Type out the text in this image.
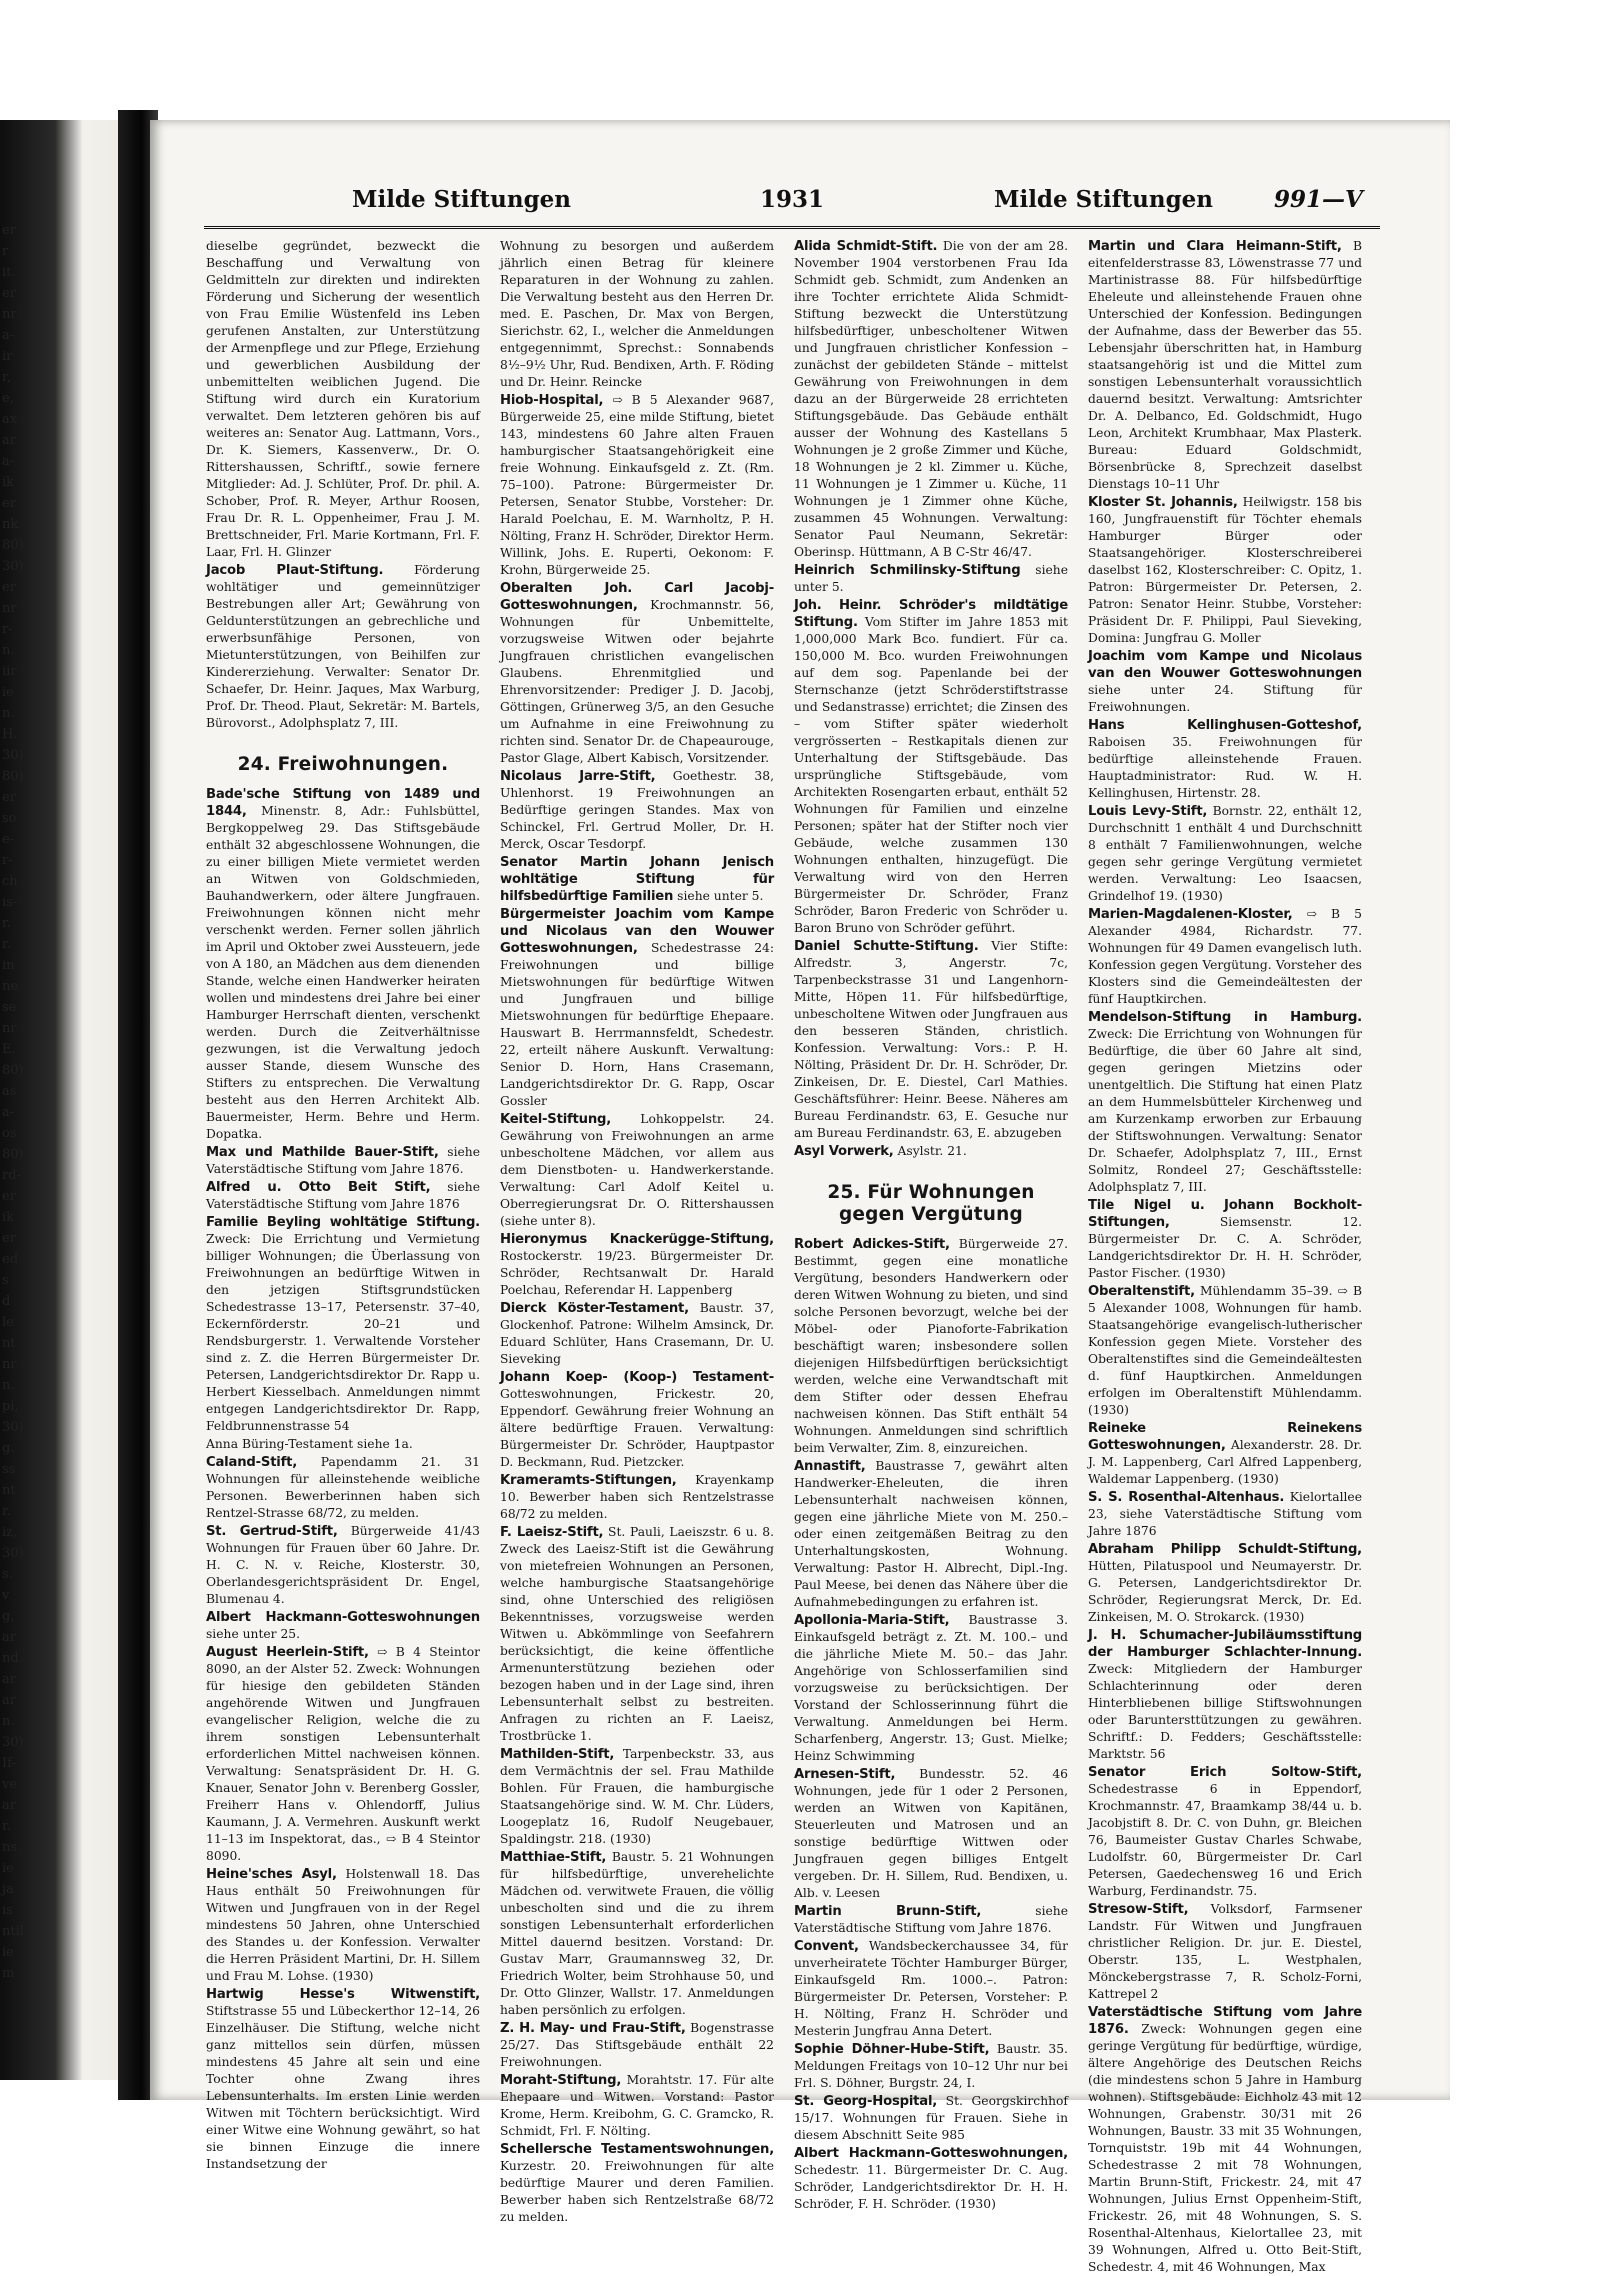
er
r
it.
er
nr
a-
ir
r,
e,
ax
ar
a-
ik
er
nk
80)
30)
er
nr
r-
n.
iir
ie
n.
H.
30)
80)
er
so
e-
r-
ch
is-
r.
r.
in
ne
se
nr
E.
80)
as
a-
os
80)
rd-
er
ik
er
ed
s
d
le
nt
nr
n.
pi,
30)
g.
ss
nt
r.
iz,
30)
s.
v
g,
ar
nd
ar
ar
n.
30)
If-
ve
ar
r.
ns
ie
ja
is
ntil
ie
m
Milde Stiftungen	1931	Milde Stiftungen	991—V

dieselbe gegründet, bezweckt die Beschaffung und Verwaltung von Geldmitteln zur direkten und indirekten Förderung und Sicherung der wesentlich von Frau Emilie Wüstenfeld ins Leben gerufenen Anstalten, zur Unterstützung der Armenpflege und zur Pflege, Erziehung und gewerblichen Ausbildung der unbemittelten weiblichen Jugend. Die Stiftung wird durch ein Kuratorium verwaltet. Dem letzteren gehören bis auf weiteres an: Senator Aug. Lattmann, Vors., Dr. K. Siemers, Kassenverw., Dr. O. Rittershaussen, Schriftf., sowie fernere Mitglieder: Ad. J. Schlüter, Prof. Dr. phil. A. Schober, Prof. R. Meyer, Arthur Roosen, Frau Dr. R. L. Oppenheimer, Frau J. M. Brettschneider, Frl. Marie Kortmann, Frl. F. Laar, Frl. H. Glinzer

Jacob Plaut-Stiftung.	Förderung wohltätiger und gemeinnütziger Bestrebungen aller Art; Gewährung von Geldunterstützungen an gebrechliche und erwerbsunfähige Personen, von Mietunterstützungen, von Beihilfen zur Kindererziehung. Verwalter: Senator Dr. Schaefer, Dr. Heinr. Jaques, Max Warburg, Prof. Dr. Theod. Plaut, Sekretär: M. Bartels, Bürovorst., Adolphsplatz 7, III.

24. Freiwohnungen.

Bade'sche Stiftung von 1489 und 1844, Minenstr. 8, Adr.: Fuhlsbüttel, Bergkoppelweg 29. Das Stiftsgebäude enthält 32 abgeschlossene Wohnungen, die zu einer billigen Miete vermietet werden an Witwen von Goldschmieden, Bauhandwerkern, oder ältere Jungfrauen. Freiwohnungen können nicht mehr verschenkt werden. Ferner sollen jährlich im April und Oktober zwei Aussteuern, jede von A 180, an Mädchen aus dem dienenden Stande, welche einen Handwerker heiraten wollen und mindestens drei Jahre bei einer Hamburger Herrschaft dienten, verschenkt werden. Durch die Zeitverhältnisse gezwungen, ist die Verwaltung jedoch ausser Stande, diesem Wunsche des Stifters zu entsprechen. Die Verwaltung besteht aus den Herren Architekt Alb. Bauermeister, Herm. Behre und Herm. Dopatka.

Max und Mathilde Bauer-Stift, siehe Vaterstädtische Stiftung vom Jahre 1876.

Alfred u. Otto Beit Stift, siehe Vaterstädtische Stiftung vom Jahre 1876

Familie Beyling wohltätige Stiftung. Zweck: Die Errichtung und Vermietung billiger Wohnungen; die Überlassung von Freiwohnungen an bedürftige Witwen in den jetzigen Stiftsgrundstücken Schedestrasse 13–17, Petersenstr. 37–40, Eckernförderstr. 20–21 und Rendsburgerstr. 1. Verwaltende Vorsteher sind z. Z. die Herren Bürgermeister Dr. Petersen, Landgerichtsdirektor Dr. Rapp u. Herbert Kiesselbach. Anmeldungen nimmt entgegen Landgerichtsdirektor Dr. Rapp, Feldbrunnenstrasse 54

Anna Büring-Testament siehe 1a.

Caland-Stift, Papendamm 21. 31 Wohnungen für alleinstehende weibliche Personen. Bewerberinnen haben sich Rentzel-Strasse 68/72, zu melden.

St. Gertrud-Stift, Bürgerweide 41/43 Wohnungen für Frauen über 60 Jahre. Dr. H. C. N. v. Reiche, Klosterstr. 30, Oberlandesgerichtspräsident Dr. Engel, Blumenau 4.

Albert Hackmann-Gotteswohnungen siehe unter 25.

August Heerlein-Stift, ⇨ B 4 Steintor 8090, an der Alster 52. Zweck: Wohnungen für hiesige den gebildeten Ständen angehörende Witwen und Jungfrauen evangelischer Religion, welche die zu ihrem sonstigen Lebensunterhalt erforderlichen Mittel nachweisen können. Verwaltung: Senatspräsident Dr. H. G. Knauer, Senator John v. Berenberg Gossler, Freiherr Hans v. Ohlendorff, Julius Kaumann, J. A. Vermehren. Auskunft werkt 11–13 im Inspektorat, das., ⇨ B 4 Steintor 8090.

Heine'sches Asyl, Holstenwall 18. Das Haus enthält 50 Freiwohnungen für Witwen und Jungfrauen von in der Regel mindestens 50 Jahren, ohne Unterschied des Standes u. der Konfession. Verwalter die Herren Präsident Martini, Dr. H. Sillem und Frau M. Lohse. (1930)

Hartwig Hesse's Witwenstift, Stiftstrasse 55 und Lübeckerthor 12–14, 26 Einzelhäuser. Die Stiftung, welche nicht ganz mittellos sein dürfen, müssen mindestens 45 Jahre alt sein und eine Tochter ohne Zwang ihres Lebensunterhalts. Im ersten Linie werden Witwen mit Töchtern berücksichtigt. Wird einer Witwe eine Wohnung gewährt, so hat sie binnen Einzuge die innere Instandsetzung der

Wohnung zu besorgen und außerdem jährlich einen Betrag für kleinere Reparaturen in der Wohnung zu zahlen. Die Verwaltung besteht aus den Herren Dr. med. E. Paschen, Dr. Max von Bergen, Sierichstr. 62, I., welcher die Anmeldungen entgegennimmt, Sprechst.: Sonnabends 8½–9½ Uhr, Rud. Bendixen, Arth. F. Röding und Dr. Heinr. Reincke

Hiob-Hospital, ⇨ B 5 Alexander 9687, Bürgerweide 25, eine milde Stiftung, bietet 143, mindestens 60 Jahre alten Frauen hamburgischer Staatsangehörigkeit eine freie Wohnung. Einkaufsgeld z. Zt. (Rm. 75–100). Patrone: Bürgermeister Dr. Petersen, Senator Stubbe, Vorsteher: Dr. Harald Poelchau, E. M. Warnholtz, P. H. Nölting, Franz H. Schröder, Direktor Herm. Willink, Johs. E. Ruperti, Oekonom: F. Krohn, Bürgerweide 25.

Oberalten Joh. Carl Jacobj-Gotteswohnungen, Krochmannstr. 56, Wohnungen für Unbemittelte, vorzugsweise Witwen oder bejahrte Jungfrauen christlichen evangelischen Glaubens. Ehrenmitglied und Ehrenvorsitzender: Prediger J. D. Jacobj, Göttingen, Grünerweg 3/5, an den Gesuche um Aufnahme in eine Freiwohnung zu richten sind. Senator Dr. de Chapeaurouge, Pastor Glage, Albert Kabisch, Vorsitzender.

Nicolaus Jarre-Stift, Goethestr. 38, Uhlenhorst. 19 Freiwohnungen an Bedürftige geringen Standes. Max von Schinckel, Frl. Gertrud Moller, Dr. H. Merck, Oscar Tesdorpf.

Senator Martin Johann Jenisch wohltätige Stiftung für hilfsbedürftige Familien siehe unter 5.

Bürgermeister Joachim vom Kampe und Nicolaus van den Wouwer Gotteswohnungen, Schedestrasse 24: Freiwohnungen und billige Mietswohnungen für bedürftige Witwen und Jungfrauen und billige Mietswohnungen für bedürftige Ehepaare. Hauswart B. Herrmannsfeldt, Schedestr. 22, erteilt nähere Auskunft. Verwaltung: Senior D. Horn, Hans Crasemann, Landgerichtsdirektor Dr. G. Rapp, Oscar Gossler

Keitel-Stiftung, Lohkoppelstr. 24. Gewährung von Freiwohnungen an arme unbescholtene Mädchen, vor allem aus dem Dienstboten- u. Handwerkerstande. Verwaltung: Carl Adolf Keitel u. Oberregierungsrat Dr. O. Rittershaussen (siehe unter 8).

Hieronymus Knackerügge-Stiftung, Rostockerstr. 19/23. Bürgermeister Dr. Schröder, Rechtsanwalt Dr. Harald Poelchau, Referendar H. Lappenberg

Dierck Köster-Testament, Baustr. 37, Glockenhof. Patrone: Wilhelm Amsinck, Dr. Eduard Schlüter, Hans Crasemann, Dr. U. Sieveking

Johann Koep- (Koop-) Testament- Gotteswohnungen, Frickestr. 20, Eppendorf. Gewährung freier Wohnung an ältere bedürftige Frauen. Verwaltung: Bürgermeister Dr. Schröder, Hauptpastor D. Beckmann, Rud. Pietzcker.

Krameramts-Stiftungen, Krayenkamp 10. Bewerber haben sich Rentzelstrasse 68/72 zu melden.

F. Laeisz-Stift, St. Pauli, Laeiszstr. 6 u. 8. Zweck des Laeisz-Stift ist die Gewährung von mietefreien Wohnungen an Personen, welche hamburgische Staatsangehörige sind, ohne Unterschied des religiösen Bekenntnisses, vorzugsweise werden Witwen u. Abkömmlinge von Seefahrern berücksichtigt, die keine öffentliche Armenunterstützung beziehen oder bezogen haben und in der Lage sind, ihren Lebensunterhalt selbst zu bestreiten. Anfragen zu richten an F. Laeisz, Trostbrücke 1.

Mathilden-Stift, Tarpenbeckstr. 33, aus dem Vermächtnis der sel. Frau Mathilde Bohlen. Für Frauen, die hamburgische Staatsangehörige sind. W. M. Chr. Lüders, Loogeplatz 16, Rudolf Neugebauer, Spaldingstr. 218. (1930)

Matthiae-Stift, Baustr. 5. 21 Wohnungen für hilfsbedürftige, unverehelichte Mädchen od. verwitwete Frauen, die völlig unbescholten sind und die zu ihrem sonstigen Lebensunterhalt erforderlichen Mittel dauernd besitzen. Vorstand: Dr. Gustav Marr, Graumannsweg 32, Dr. Friedrich Wolter, beim Strohhause 50, und Dr. Otto Glinzer, Wallstr. 17. Anmeldungen haben persönlich zu erfolgen.

Z. H. May- und Frau-Stift, Bogenstrasse 25/27. Das Stiftsgebäude enthält 22 Freiwohnungen.

Moraht-Stiftung, Morahtstr. 17. Für alte Ehepaare und Witwen. Vorstand: Pastor Krome, Herm. Kreibohm, G. C. Gramcko, R. Schmidt, Frl. F. Nölting.

Schellersche Testamentswohnungen, Kurzestr. 20. Freiwohnungen für alte bedürftige Maurer und deren Familien. Bewerber haben sich Rentzelstraße 68/72 zu melden.

Alida Schmidt-Stift. Die von der am 28. November 1904 verstorbenen Frau Ida Schmidt geb. Schmidt, zum Andenken an ihre Tochter errichtete Alida Schmidt-Stiftung bezweckt die Unterstützung hilfsbedürftiger, unbescholtener Witwen und Jungfrauen christlicher Konfession – zunächst der gebildeten Stände – mittelst Gewährung von Freiwohnungen in dem dazu an der Bürgerweide 28 errichteten Stiftungsgebäude. Das Gebäude enthält ausser der Wohnung des Kastellans 5 Wohnungen je 2 große Zimmer und Küche, 18 Wohnungen je 2 kl. Zimmer u. Küche, 11 Wohnungen je 1 Zimmer u. Küche, 11 Wohnungen je 1 Zimmer ohne Küche, zusammen 45 Wohnungen. Verwaltung: Senator Paul Neumann, Sekretär: Oberinsp. Hüttmann, A B C-Str 46/47.

Heinrich Schmilinsky-Stiftung siehe unter 5.

Joh. Heinr. Schröder's mildtätige Stiftung. Vom Stifter im Jahre 1853 mit 1,000,000 Mark Bco. fundiert. Für ca. 150,000 M. Bco. wurden Freiwohnungen auf dem sog. Papenlande bei der Sternschanze (jetzt Schröderstiftstrasse und Sedanstrasse) errichtet; die Zinsen des – vom Stifter später wiederholt vergrösserten – Restkapitals dienen zur Unterhaltung der Stiftsgebäude. Das ursprüngliche Stiftsgebäude, vom Architekten Rosengarten erbaut, enthält 52 Wohnungen für Familien und einzelne Personen; später hat der Stifter noch vier Gebäude, welche zusammen 130 Wohnungen enthalten, hinzugefügt. Die Verwaltung wird von den Herren Bürgermeister Dr. Schröder, Franz Schröder, Baron Frederic von Schröder u. Baron Bruno von Schröder geführt.

Daniel Schutte-Stiftung. Vier Stifte: Alfredstr. 3, Angerstr. 7c, Tarpenbeckstrasse 31 und Langenhorn-Mitte, Höpen 11. Für hilfsbedürftige, unbescholtene Witwen oder Jungfrauen aus den besseren Ständen, christlich. Konfession. Verwaltung: Vors.: P. H. Nölting, Präsident Dr. Dr. H. Schröder, Dr. Zinkeisen, Dr. E. Diestel, Carl Mathies. Geschäftsführer: Heinr. Beese. Näheres am Bureau Ferdinandstr. 63, E. Gesuche nur am Bureau Ferdinandstr. 63, E. abzugeben

Asyl Vorwerk, Asylstr. 21.

25. Für Wohnungen gegen Vergütung

Robert Adickes-Stift, Bürgerweide 27. Bestimmt, gegen eine monatliche Vergütung, besonders Handwerkern oder deren Witwen Wohnung zu bieten, und sind solche Personen bevorzugt, welche bei der Möbel- oder Pianoforte-Fabrikation beschäftigt waren; insbesondere sollen diejenigen Hilfsbedürftigen berücksichtigt werden, welche eine Verwandtschaft mit dem Stifter oder dessen Ehefrau nachweisen können. Das Stift enthält 54 Wohnungen. Anmeldungen sind schriftlich beim Verwalter, Zim. 8, einzureichen.

Annastift, Baustrasse 7, gewährt alten Handwerker-Eheleuten, die ihren Lebensunterhalt nachweisen können, gegen eine jährliche Miete von M. 250.– oder einen zeitgemäßen Beitrag zu den Unterhaltungskosten, Wohnung. Verwaltung: Pastor H. Albrecht, Dipl.-Ing. Paul Meese, bei denen das Nähere über die Aufnahmebedingungen zu erfahren ist.

Apollonia-Maria-Stift, Baustrasse 3. Einkaufsgeld beträgt z. Zt. M. 100.– und die jährliche Miete M. 50.– das Jahr. Angehörige von Schlosserfamilien sind vorzugsweise zu berücksichtigen. Der Vorstand der Schlosserinnung führt die Verwaltung. Anmeldungen bei Herm. Scharfenberg, Angerstr. 13; Gust. Mielke; Heinz Schwimming

Arnesen-Stift, Bundesstr. 52. 46 Wohnungen, jede für 1 oder 2 Personen, werden an Witwen von Kapitänen, Steuerleuten und Matrosen und an sonstige bedürftige Wittwen oder Jungfrauen gegen billiges Entgelt vergeben. Dr. H. Sillem, Rud. Bendixen, u. Alb. v. Leesen

Martin Brunn-Stift,	siehe Vaterstädtische Stiftung vom Jahre 1876.

Convent, Wandsbeckerchaussee 34, für unverheiratete Töchter Hamburger Bürger, Einkaufsgeld Rm. 1000.–. Patron: Bürgermeister Dr. Petersen, Vorsteher: P. H. Nölting, Franz H. Schröder und Mesterin Jungfrau Anna Detert.

Sophie Döhner-Hube-Stift, Baustr. 35. Meldungen Freitags von 10–12 Uhr nur bei Frl. S. Döhner, Burgstr. 24, I.

St. Georg-Hospital, St. Georgskirchhof 15/17. Wohnungen für Frauen. Siehe in diesem Abschnitt Seite 985

Albert Hackmann-Gotteswohnungen, Schedestr. 11. Bürgermeister Dr. C. Aug. Schröder, Landgerichtsdirektor Dr. H. H. Schröder, F. H. Schröder. (1930)

Martin und Clara Heimann-Stift, B eitenfelderstrasse 83, Löwenstrasse 77 und Martinistrasse 88. Für hilfsbedürftige Eheleute und alleinstehende Frauen ohne Unterschied der Konfession. Bedingungen der Aufnahme, dass der Bewerber das 55. Lebensjahr überschritten hat, in Hamburg staatsangehörig ist und die Mittel zum sonstigen Lebensunterhalt voraussichtlich dauernd besitzt. Verwaltung: Amtsrichter Dr. A. Delbanco, Ed. Goldschmidt, Hugo Leon, Architekt Krumbhaar, Max Plasterk. Bureau: Eduard Goldschmidt, Börsenbrücke 8, Sprechzeit daselbst Dienstags 10–11 Uhr

Kloster St. Johannis, Heilwigstr. 158 bis 160, Jungfrauenstift für Töchter ehemals Hamburger Bürger oder Staatsangehöriger. Klosterschreiberei daselbst 162, Klosterschreiber: C. Opitz, 1. Patron: Bürgermeister Dr. Petersen, 2. Patron: Senator Heinr. Stubbe, Vorsteher: Präsident Dr. F. Philippi, Paul Sieveking, Domina: Jungfrau G. Moller

Joachim vom Kampe und Nicolaus van den Wouwer Gotteswohnungen siehe unter 24. Stiftung für Freiwohnungen.

Hans Kellinghusen-Gotteshof, Raboisen 35. Freiwohnungen für bedürftige alleinstehende Frauen. Hauptadministrator: Rud. W. H. Kellinghusen, Hirtenstr. 28.

Louis Levy-Stift, Bornstr. 22, enthält 12, Durchschnitt 1 enthält 4 und Durchschnitt 8 enthält 7 Familienwohnungen, welche gegen sehr geringe Vergütung vermietet werden. Verwaltung: Leo Isaacsen, Grindelhof 19. (1930)

Marien-Magdalenen-Kloster, ⇨ B 5 Alexander 4984, Richardstr. 77. Wohnungen für 49 Damen evangelisch luth. Konfession gegen Vergütung. Vorsteher des Klosters sind die Gemeindeältesten der fünf Hauptkirchen.

Mendelson-Stiftung in Hamburg. Zweck: Die Errichtung von Wohnungen für Bedürftige, die über 60 Jahre alt sind, gegen geringen Mietzins oder unentgeltlich. Die Stiftung hat einen Platz an dem Hummelsbütteler Kirchenweg und am Kurzenkamp erworben zur Erbauung der Stiftswohnungen. Verwaltung: Senator Dr. Schaefer, Adolphsplatz 7, III., Ernst Solmitz, Rondeel 27; Geschäftsstelle: Adolphsplatz 7, III.

Tile Nigel u. Johann Bockholt-Stiftungen,	Siemsenstr. 12. Bürgermeister Dr. C. A. Schröder, Landgerichtsdirektor Dr. H. H. Schröder, Pastor Fischer. (1930)

Oberaltenstift, Mühlendamm 35–39. ⇨ B 5 Alexander 1008, Wohnungen für hamb. Staatsangehörige evangelisch-lutherischer Konfession gegen Miete. Vorsteher des Oberaltenstiftes sind die Gemeindeältesten d. fünf Hauptkirchen. Anmeldungen erfolgen im Oberaltenstift Mühlendamm. (1930)

Reineke Reinekens Gotteswohnungen, Alexanderstr. 28. Dr. J. M. Lappenberg, Carl Alfred Lappenberg, Waldemar Lappenberg. (1930)

S. S. Rosenthal-Altenhaus. Kielortallee 23, siehe Vaterstädtische Stiftung vom Jahre 1876

Abraham Philipp Schuldt-Stiftung, Hütten, Pilatuspool und Neumayerstr. Dr. G. Petersen, Landgerichtsdirektor Dr. Schröder, Regierungsrat Merck, Dr. Ed. Zinkeisen, M. O. Strokarck. (1930)

J. H. Schumacher-Jubiläumsstiftung der Hamburger Schlachter-Innung. Zweck: Mitgliedern der Hamburger Schlachterinnung oder deren Hinterbliebenen billige Stiftswohnungen oder Baruntersttützungen zu gewähren. Schriftf.: D. Fedders; Geschäftsstelle: Marktstr. 56

Senator Erich Soltow-Stift, Schedestrasse 6 in Eppendorf, Krochmannstr. 47, Braamkamp 38/44 u. b. Jacobjstift 8. Dr. C. von Duhn, gr. Bleichen 76, Baumeister Gustav Charles Schwabe, Ludolfstr. 60, Bürgermeister Dr. Carl Petersen, Gaedechensweg 16 und Erich Warburg, Ferdinandstr. 75.

Stresow-Stift, Volksdorf, Farmsener Landstr. Für Witwen und Jungfrauen christlicher Religion. Dr. jur. E. Diestel, Oberstr. 135, L. Westphalen, Mönckebergstrasse 7, R. Scholz-Forni, Kattrepel 2

Vaterstädtische Stiftung vom Jahre 1876. Zweck: Wohnungen gegen eine geringe Vergütung für bedürftige, würdige, ältere Angehörige des Deutschen Reichs (die mindestens schon 5 Jahre in Hamburg wohnen). Stiftsgebäude: Eichholz 43 mit 12 Wohnungen, Grabenstr. 30/31 mit 26 Wohnungen, Baustr. 33 mit 35 Wohnungen, Tornquiststr. 19b mit 44 Wohnungen, Schedestrasse 2 mit 78 Wohnungen, Martin Brunn-Stift, Frickestr. 24, mit 47 Wohnungen, Julius Ernst Oppenheim-Stift, Frickestr. 26, mit 48 Wohnungen, S. S. Rosenthal-Altenhaus, Kielortallee 23, mit 39 Wohnungen, Alfred u. Otto Beit-Stift, Schedestr. 4, mit 46 Wohnungen, Max
